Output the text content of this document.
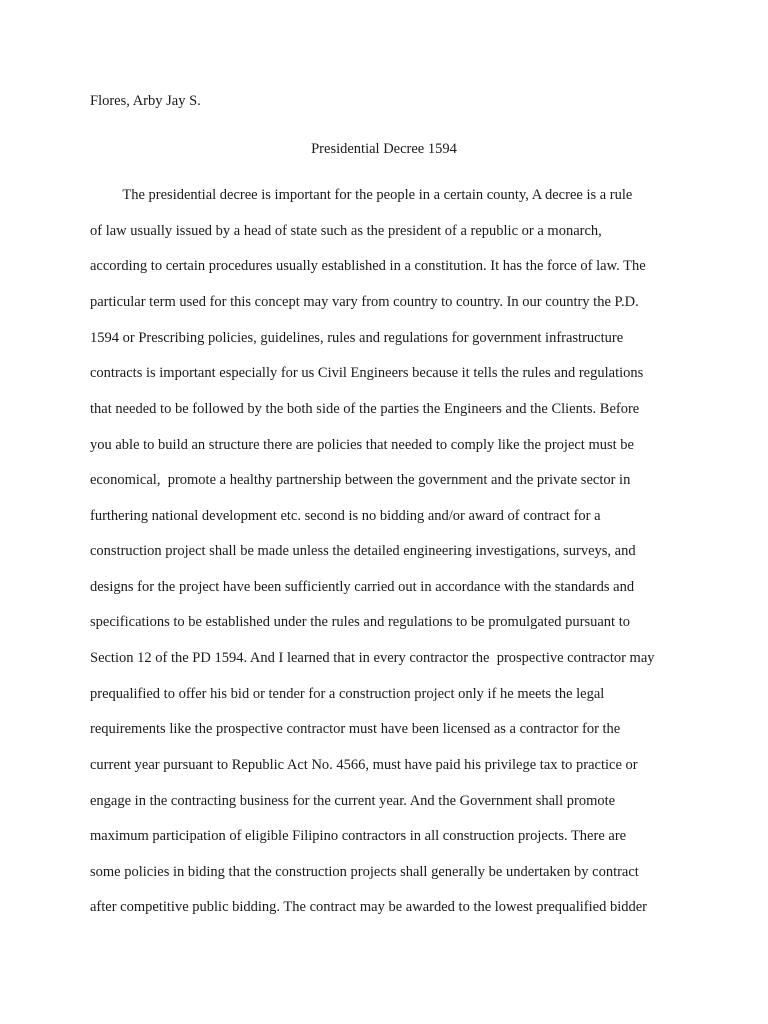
Flores, Arby Jay S.
Presidential Decree 1594
The presidential decree is important for the people in a certain county, A decree is a rule
of law usually issued by a head of state such as the president of a republic or a monarch,
according to certain procedures usually established in a constitution. It has the force of law. The
particular term used for this concept may vary from country to country. In our country the P.D.
1594 or Prescribing policies, guidelines, rules and regulations for government infrastructure
contracts is important especially for us Civil Engineers because it tells the rules and regulations
that needed to be followed by the both side of the parties the Engineers and the Clients. Before
you able to build an structure there are policies that needed to comply like the project must be
economical,  promote a healthy partnership between the government and the private sector in
furthering national development etc. second is no bidding and/or award of contract for a
construction project shall be made unless the detailed engineering investigations, surveys, and
designs for the project have been sufficiently carried out in accordance with the standards and
specifications to be established under the rules and regulations to be promulgated pursuant to
Section 12 of the PD 1594. And I learned that in every contractor the  prospective contractor may
prequalified to offer his bid or tender for a construction project only if he meets the legal
requirements like the prospective contractor must have been licensed as a contractor for the
current year pursuant to Republic Act No. 4566, must have paid his privilege tax to practice or
engage in the contracting business for the current year. And the Government shall promote
maximum participation of eligible Filipino contractors in all construction projects. There are
some policies in biding that the construction projects shall generally be undertaken by contract
after competitive public bidding. The contract may be awarded to the lowest prequalified bidder
